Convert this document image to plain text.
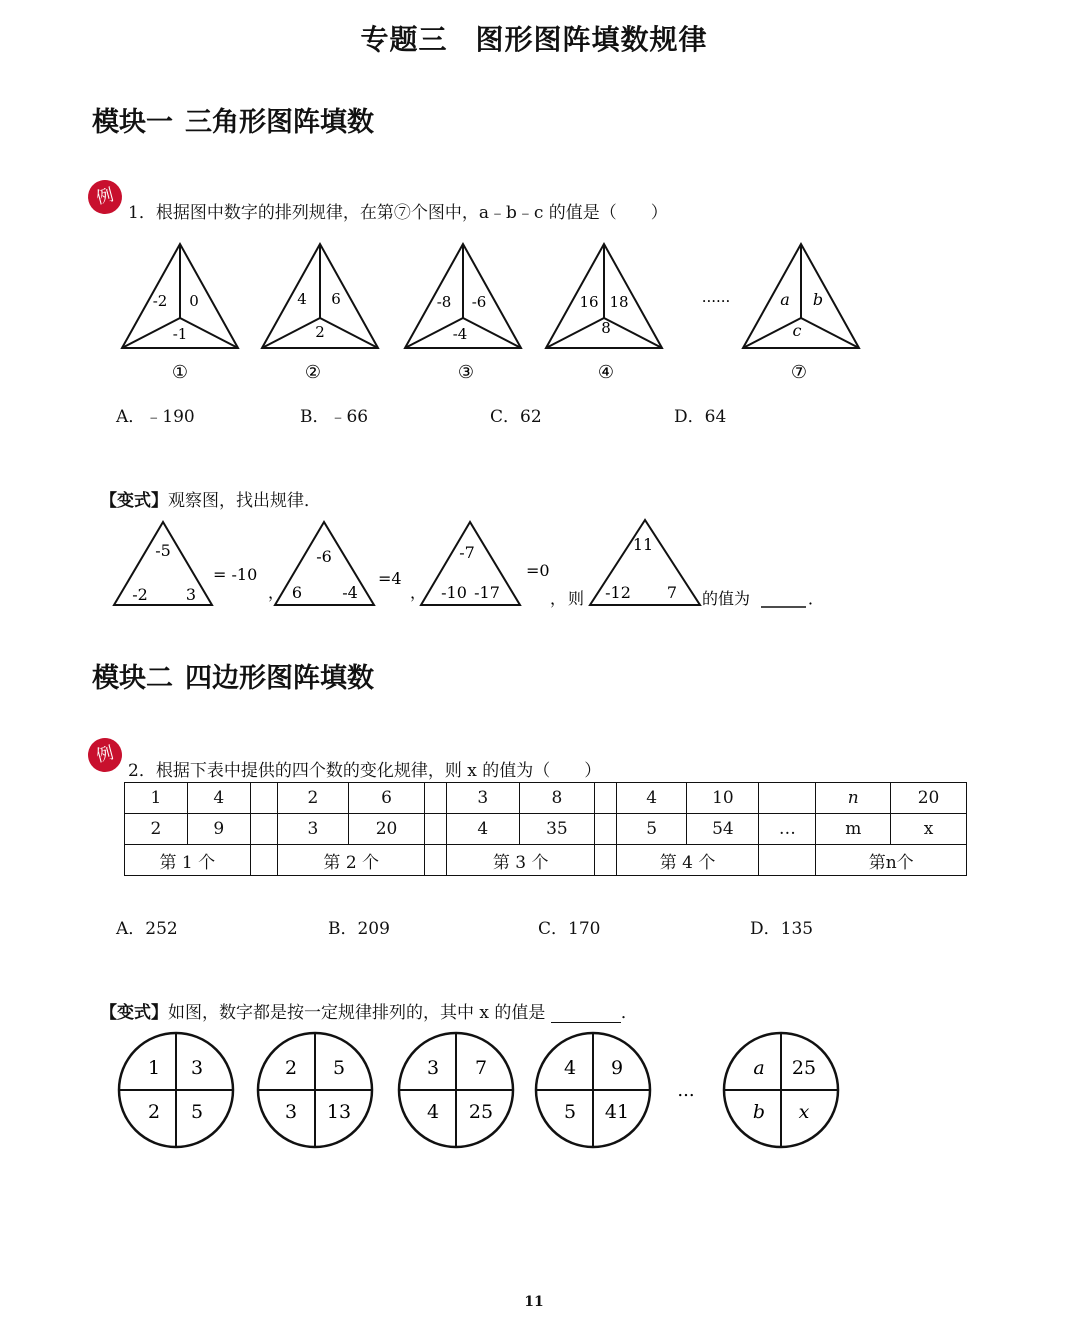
专题三 图形图阵填数规律
模块一 三角形图阵填数
例
1．根据图中数字的排列规律，在第⑦个图中，a﹣b﹣c 的值是（　　）
-2 0
-1
①
4 6
2
②
-8 -6
-4
③
16 18
8
④
......	a b
c
⑦
A．﹣190	B．﹣66	C．62	D．64
【变式】观察图，找出规律．
-5
-2 3
= -10
，
-6
6	-4
=4
，
-7
-10 -17
=0
， 则
11
-12 7 的值为	．
模块二 四边形图阵填数
例
2．根据下表中提供的四个数的变化规律，则 x 的值为（　　）
1	4		2	6		3	8		4	10		n	20
2	9		3	20		4	35		5	54	…	m	x
第 1 个			第 2 个			第 3 个			第 4 个			第n个	
A．252	B．209	C．170	D．135
【变式】如图，数字都是按一定规律排列的，其中 x 的值是	．
1 3
2 5
2 5
3 13
3 7
4 25
4 9
5 41
...
a 25
b x
11
